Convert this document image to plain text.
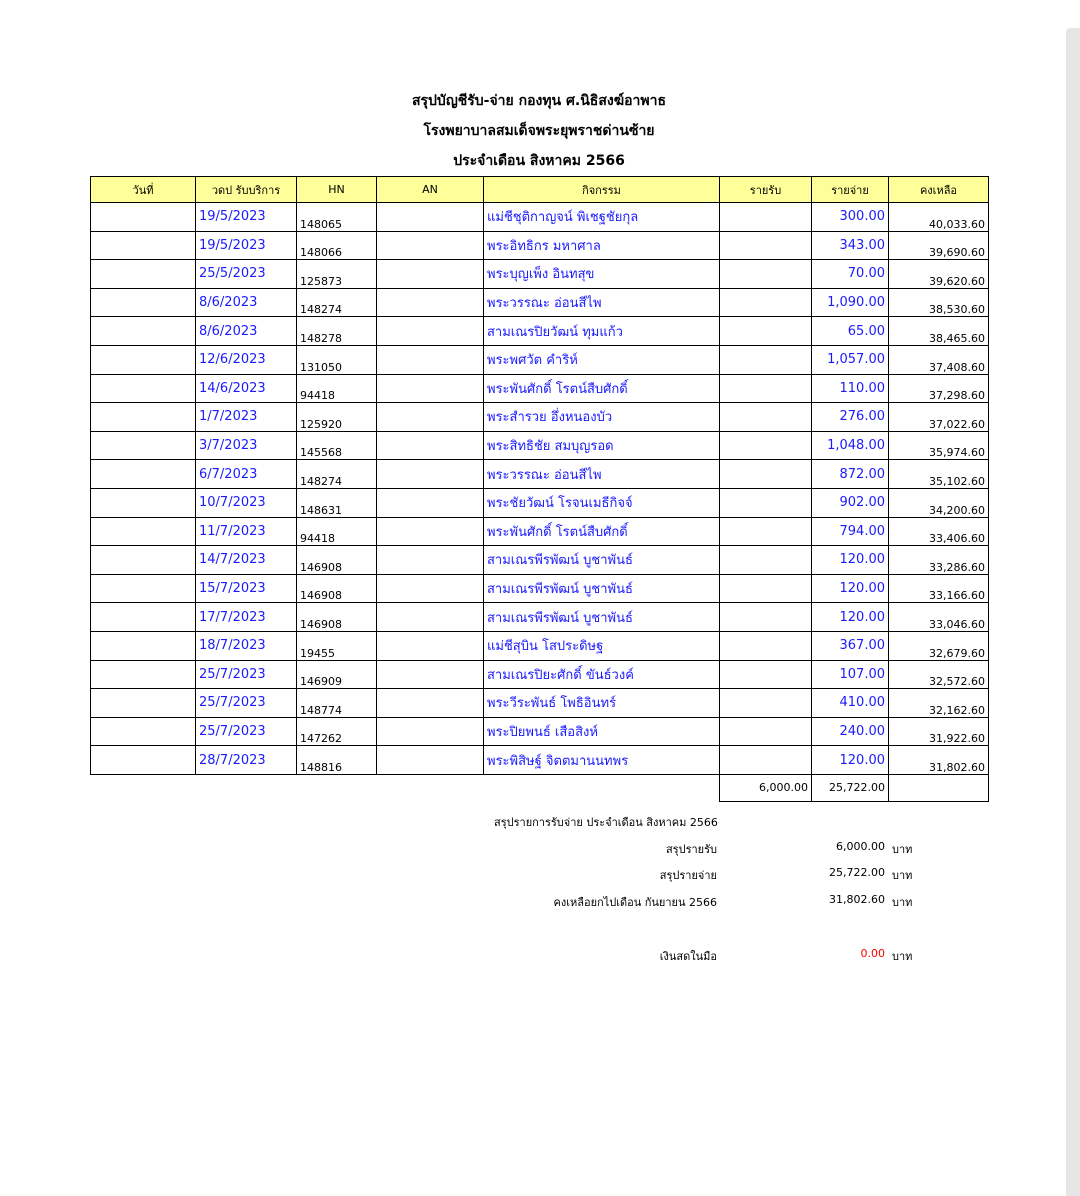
สรุปบัญชีรับ-จ่าย กองทุน ศ.นิธิสงฆ์อาพาธ
โรงพยาบาลสมเด็จพระยุพราชด่านซ้าย
ประจำเดือน สิงหาคม 2566
วันที่	วดป รับบริการ	HN	AN	กิจกรรม	รายรับ	รายจ่าย	คงเหลือ
	19/5/2023	148065		แม่ชีชุติกาญจน์ พิเชฐชัยกุล		300.00	40,033.60
	19/5/2023	148066		พระอิทธิกร มหาศาล		343.00	39,690.60
	25/5/2023	125873		พระบุญเพ็ง อินทสุข		70.00	39,620.60
	8/6/2023	148274		พระวรรณะ อ่อนสีไพ		1,090.00	38,530.60
	8/6/2023	148278		สามเณรปิยวัฒน์ ทุมแก้ว		65.00	38,465.60
	12/6/2023	131050		พระพศวัต คำริห์		1,057.00	37,408.60
	14/6/2023	94418		พระพันศักดิ์ โรตน์สืบศักดิ์		110.00	37,298.60
	1/7/2023	125920		พระสำรวย อึ่งหนองบัว		276.00	37,022.60
	3/7/2023	145568		พระสิทธิชัย สมบุญรอด		1,048.00	35,974.60
	6/7/2023	148274		พระวรรณะ อ่อนสีไพ		872.00	35,102.60
	10/7/2023	148631		พระชัยวัฒน์ โรจนเมธีกิจจ์		902.00	34,200.60
	11/7/2023	94418		พระพันศักดิ์ โรตน์สืบศักดิ์		794.00	33,406.60
	14/7/2023	146908		สามเณรพีรพัฒน์ บูชาพันธ์		120.00	33,286.60
	15/7/2023	146908		สามเณรพีรพัฒน์ บูชาพันธ์		120.00	33,166.60
	17/7/2023	146908		สามเณรพีรพัฒน์ บูชาพันธ์		120.00	33,046.60
	18/7/2023	19455		แม่ชีสุบิน โสประดิษฐ		367.00	32,679.60
	25/7/2023	146909		สามเณรปิยะศักดิ์ ขันธ์วงค์		107.00	32,572.60
	25/7/2023	148774		พระวีระพันธ์ โพธิอินทร์		410.00	32,162.60
	25/7/2023	147262		พระปิยพนธ์ เสือสิงห์		240.00	31,922.60
	28/7/2023	148816		พระพิสิษฐ์ จิตตมานนทพร		120.00	31,802.60
					6,000.00	25,722.00	
สรุปรายการรับจ่าย ประจำเดือน สิงหาคม 2566
สรุปรายรับ	6,000.00 บาท
สรุปรายจ่าย	25,722.00 บาท
คงเหลือยกไปเดือน กันยายน 2566	31,802.60 บาท
เงินสดในมือ	0.00 บาท
